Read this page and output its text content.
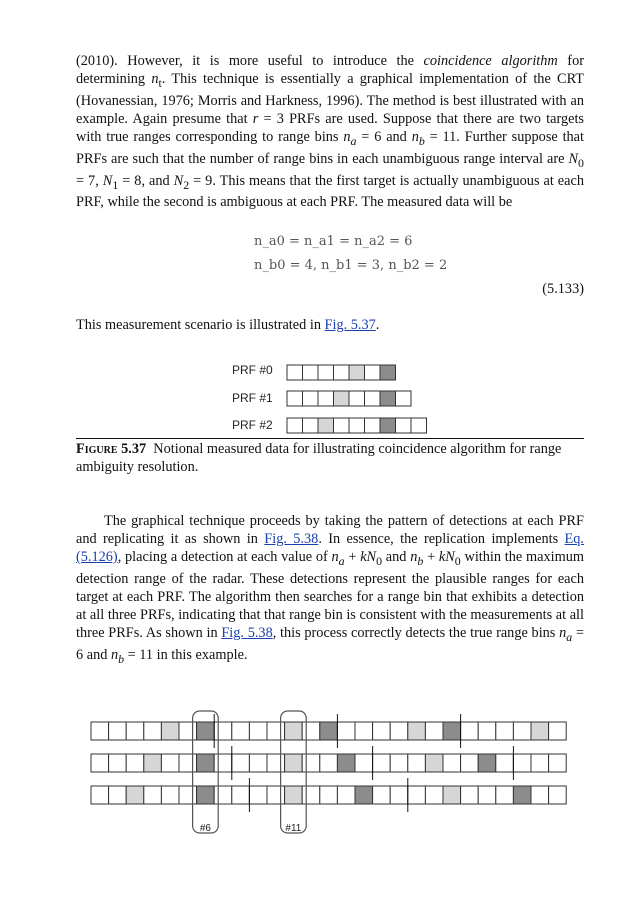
(2010). However, it is more useful to introduce the coincidence algorithm for determining $n_t$. This technique is essentially a graphical implementation of the CRT (Hovanessian, 1976; Morris and Harkness, 1996). The method is best illustrated with an example. Again presume that r = 3 PRFs are used. Suppose that there are two targets with true ranges corresponding to range bins $n_a = 6$ and $n_b = 11$. Further suppose that PRFs are such that the number of range bins in each unambiguous range interval are $N_0 = 7$, $N_1 = 8$, and $N_2 = 9$. This means that the first target is actually unambiguous at each PRF, while the second is ambiguous at each PRF. The measured data will be

n_a0 = n_a1 = n_a2 = 6
n_b0 = 4, n_b1 = 3, n_b2 = 2
(5.133)

This measurement scenario is illustrated in Fig. 5.37.

PRF #0
PRF #1
PRF #2
Figure 5.37 Notional measured data for illustrating coincidence algorithm for range ambiguity resolution.

The graphical technique proceeds by taking the pattern of detections at each PRF and replicating it as shown in Fig. 5.38. In essence, the replication implements Eq. (5.126), placing a detection at each value of $n_a + kN_0$ and $n_b + kN_0$ within the maximum detection range of the radar. These detections represent the plausible ranges for each target at each PRF. The algorithm then searches for a range bin that exhibits a detection at all three PRFs, indicating that that range bin is consistent with the measurements at all three PRFs. As shown in Fig. 5.38, this process correctly detects the true range bins $n_a = 6$ and $n_b = 11$ in this example.

#6	#11
